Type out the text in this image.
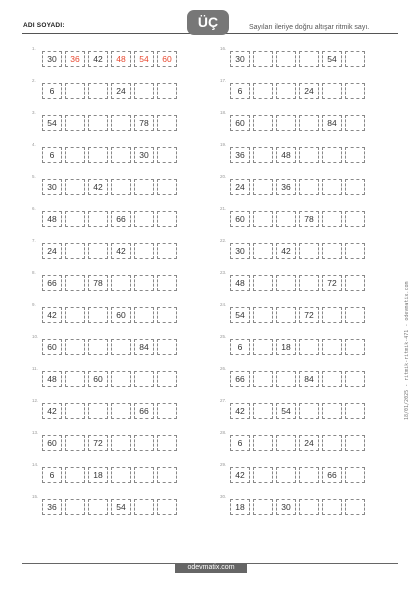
ADI SOYADI:	ÜÇ	Sayıları ileriye doğru altışar ritmik sayı.
1.
30	36	42	48	54	60
2.
6	24
3.
54	78
4.
6	30
5.
30	42
6.
48	66
7.
24	42
8.
66	78
9.
42	60
10.
60	84
11.
48	60
12.
42	66
13.
60	72
14.
6	18
15.
36	54
16.
30	54
17.
6	24
18.
60	84
19.
36	48
20.
24	36
21.
60	78
22.
30	42
23.
48	72
24.
54	72
25.
6	18
26.
66	84
27.
42	54
28.
6	24
29.
42	66
30.
18	30
odevmatix.com
18/01/2025 - ritmik-ritmik-471 - odevmatix.com
